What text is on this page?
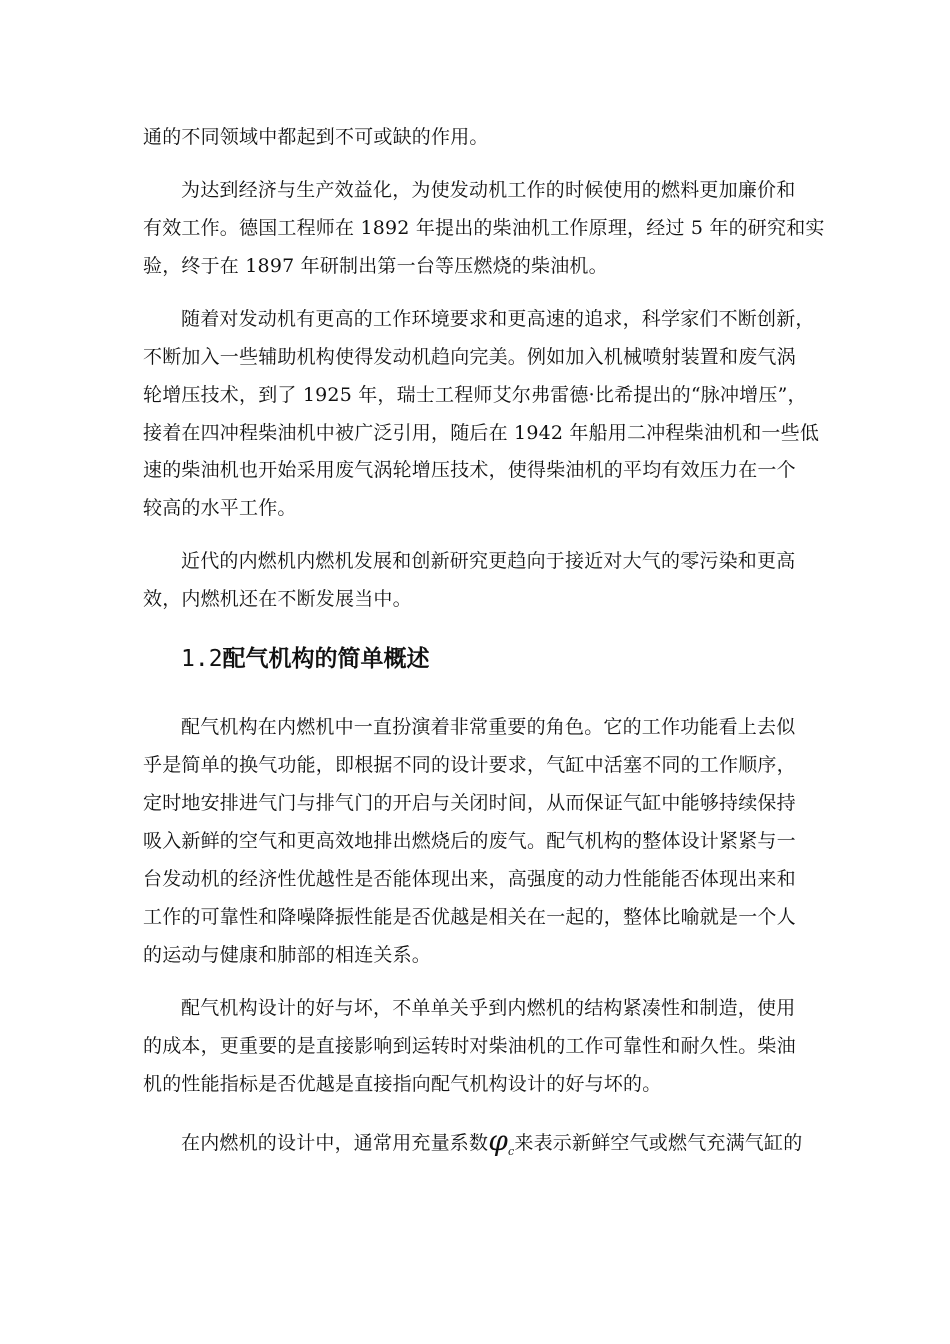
通的不同领域中都起到不可或缺的作用。
为达到经济与生产效益化，为使发动机工作的时候使用的燃料更加廉价和
有效工作。德国工程师在 1892 年提出的柴油机工作原理，经过 5 年的研究和实
验，终于在 1897 年研制出第一台等压燃烧的柴油机。
随着对发动机有更高的工作环境要求和更高速的追求，科学家们不断创新，
不断加入一些辅助机构使得发动机趋向完美。例如加入机械喷射装置和废气涡
轮增压技术，到了 1925 年，瑞士工程师艾尔弗雷德·比希提出的“脉冲增压”，
接着在四冲程柴油机中被广泛引用，随后在 1942 年船用二冲程柴油机和一些低
速的柴油机也开始采用废气涡轮增压技术，使得柴油机的平均有效压力在一个
较高的水平工作。
近代的内燃机内燃机发展和创新研究更趋向于接近对大气的零污染和更高
效，内燃机还在不断发展当中。
1.2配气机构的简单概述
配气机构在内燃机中一直扮演着非常重要的角色。它的工作功能看上去似
乎是简单的换气功能，即根据不同的设计要求，气缸中活塞不同的工作顺序，
定时地安排进气门与排气门的开启与关闭时间，从而保证气缸中能够持续保持
吸入新鲜的空气和更高效地排出燃烧后的废气。配气机构的整体设计紧紧与一
台发动机的经济性优越性是否能体现出来，高强度的动力性能能否体现出来和
工作的可靠性和降噪降振性能是否优越是相关在一起的，整体比喻就是一个人
的运动与健康和肺部的相连关系。
配气机构设计的好与坏，不单单关乎到内燃机的结构紧凑性和制造，使用
的成本，更重要的是直接影响到运转时对柴油机的工作可靠性和耐久性。柴油
机的性能指标是否优越是直接指向配气机构设计的好与坏的。
在内燃机的设计中，通常用充量系数$\varphi_c$来表示新鲜空气或燃气充满气缸的
